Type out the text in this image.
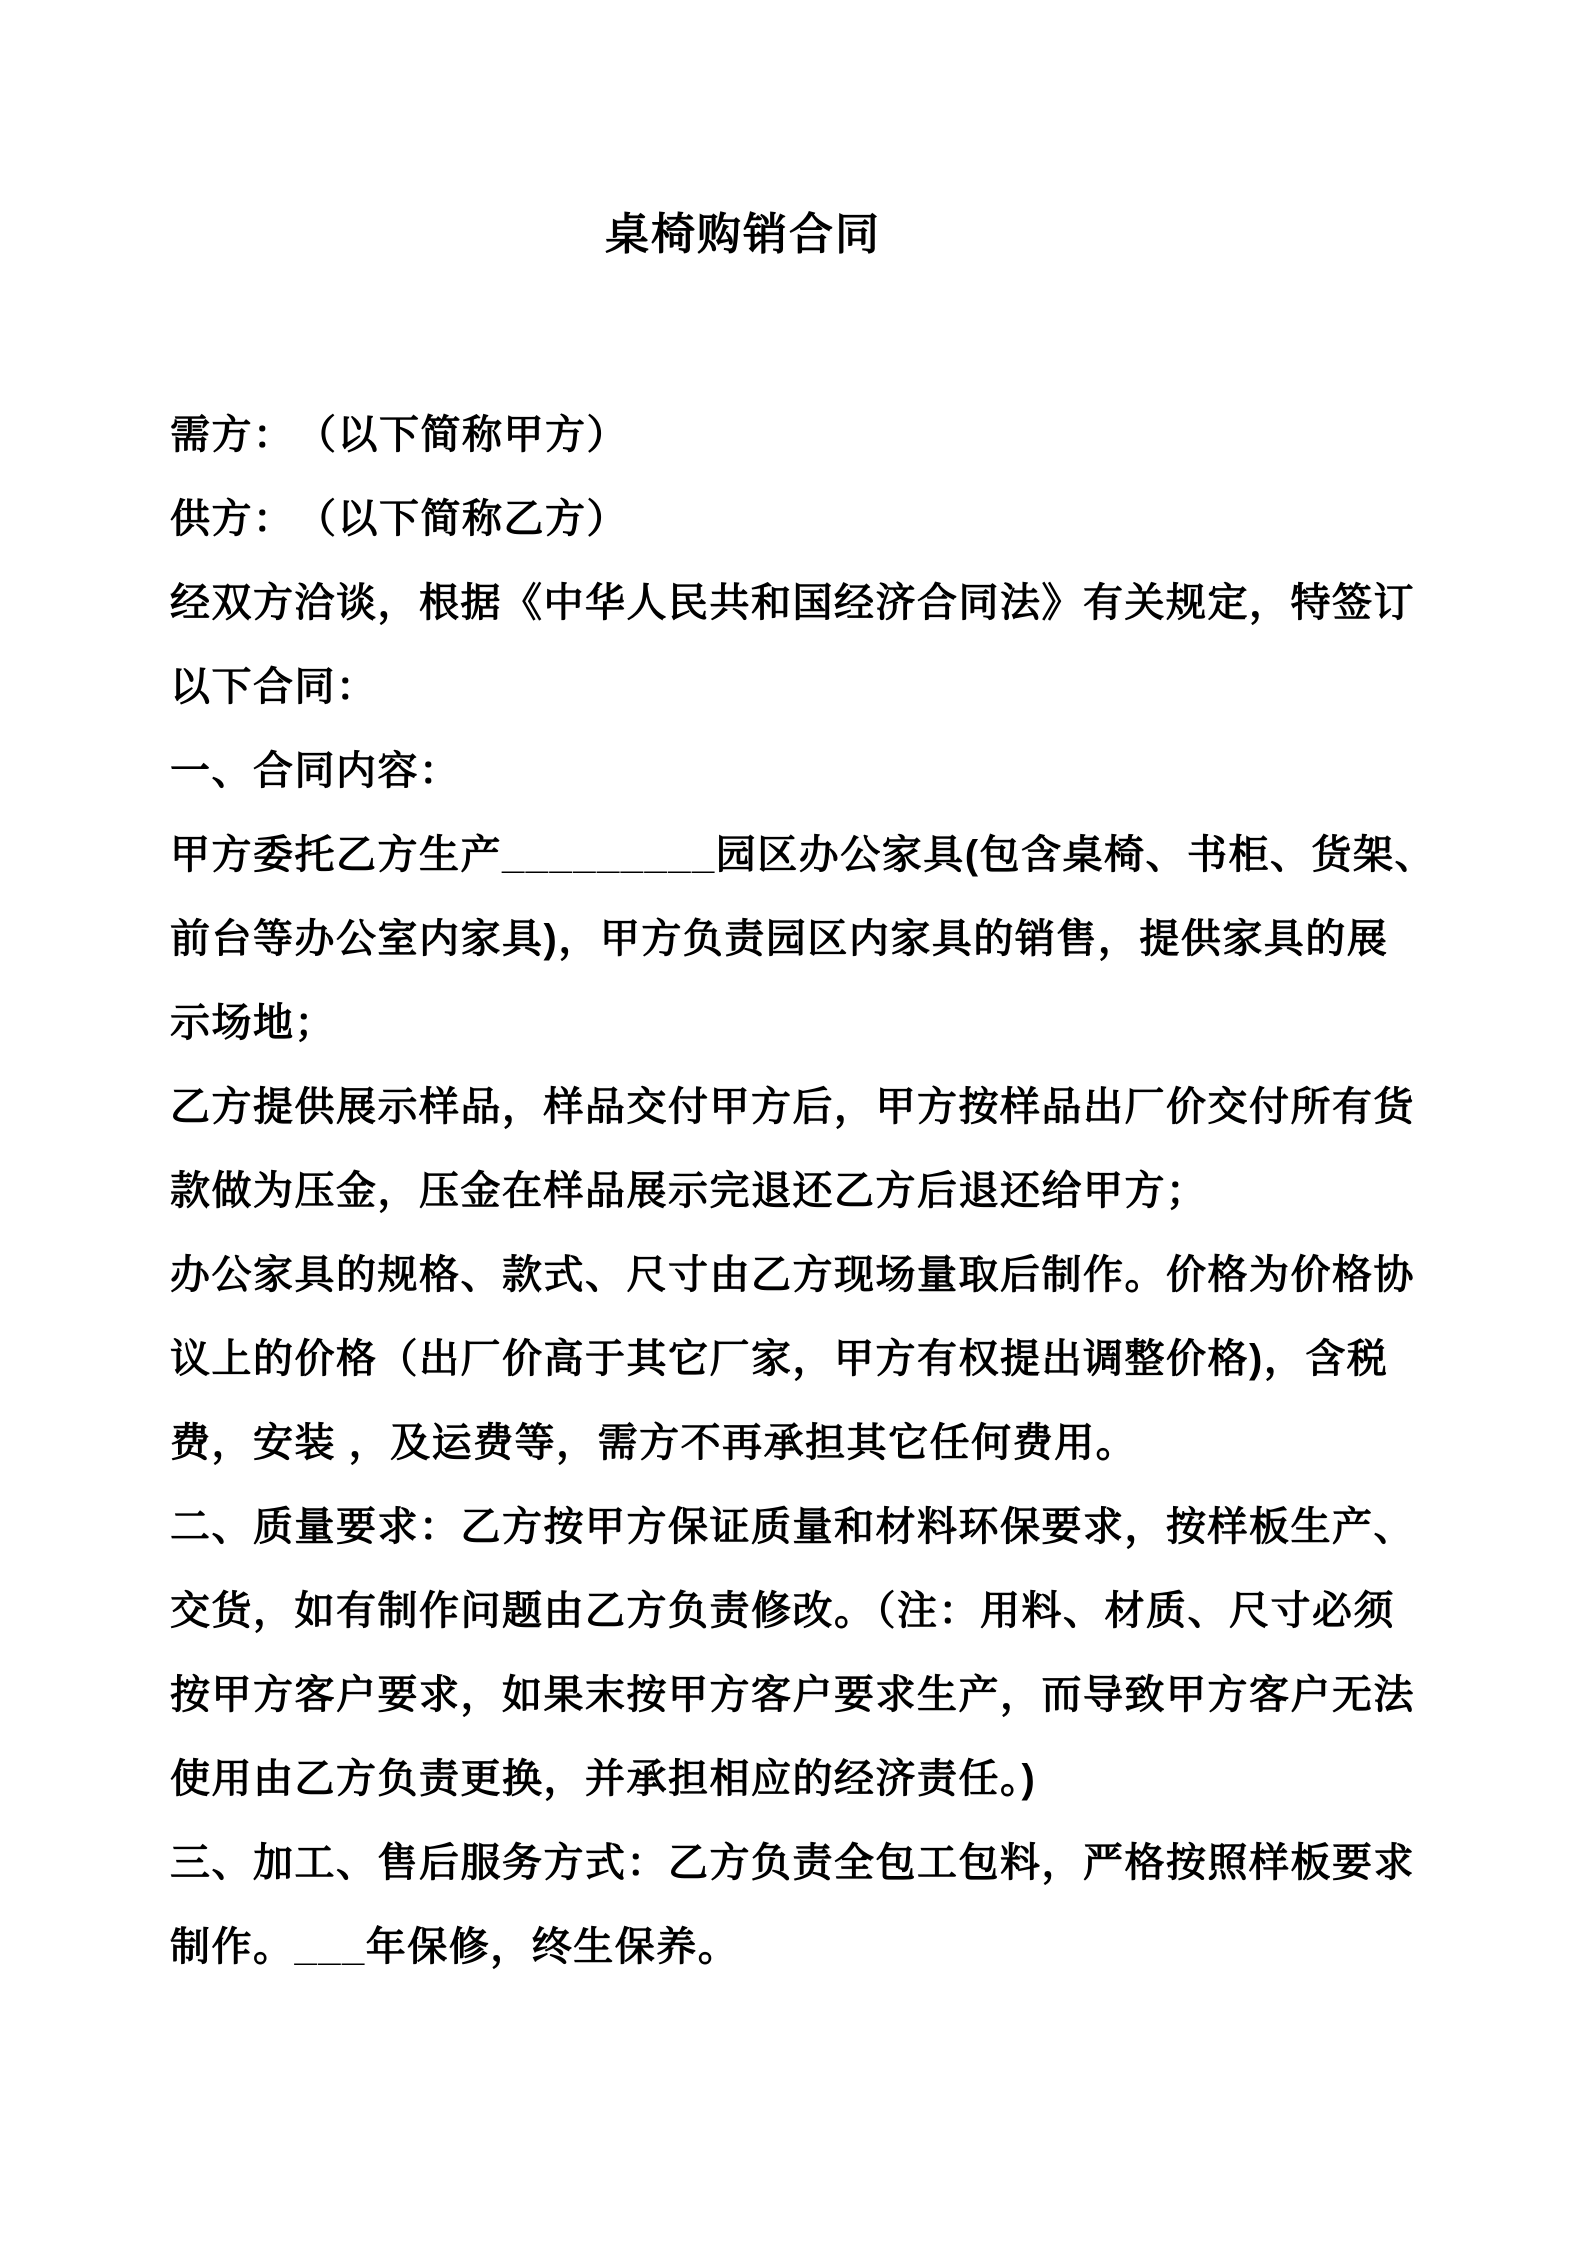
桌椅购销合同
需方：　（以下简称甲方）
供方：　（以下简称乙方）
经双方洽谈，根据《中华人民共和国经济合同法》有关规定，特签订
以下合同：
一、合同内容：
甲方委托乙方生产_________园区办公家具(包含桌椅、书柜、货架、
前台等办公室内家具)，甲方负责园区内家具的销售，提供家具的展
示场地；
乙方提供展示样品，样品交付甲方后，甲方按样品出厂价交付所有货
款做为压金，压金在样品展示完退还乙方后退还给甲方；
办公家具的规格、款式、尺寸由乙方现场量取后制作。价格为价格协
议上的价格（出厂价高于其它厂家，甲方有权提出调整价格)，含税
费，安装 ，及运费等，需方不再承担其它任何费用。
二、质量要求：乙方按甲方保证质量和材料环保要求，按样板生产、
交货，如有制作问题由乙方负责修改。（注：用料、材质、尺寸必须
按甲方客户要求，如果末按甲方客户要求生产，而导致甲方客户无法
使用由乙方负责更换，并承担相应的经济责任。)
三、加工、售后服务方式：乙方负责全包工包料，严格按照样板要求
制作。___年保修，终生保养。
